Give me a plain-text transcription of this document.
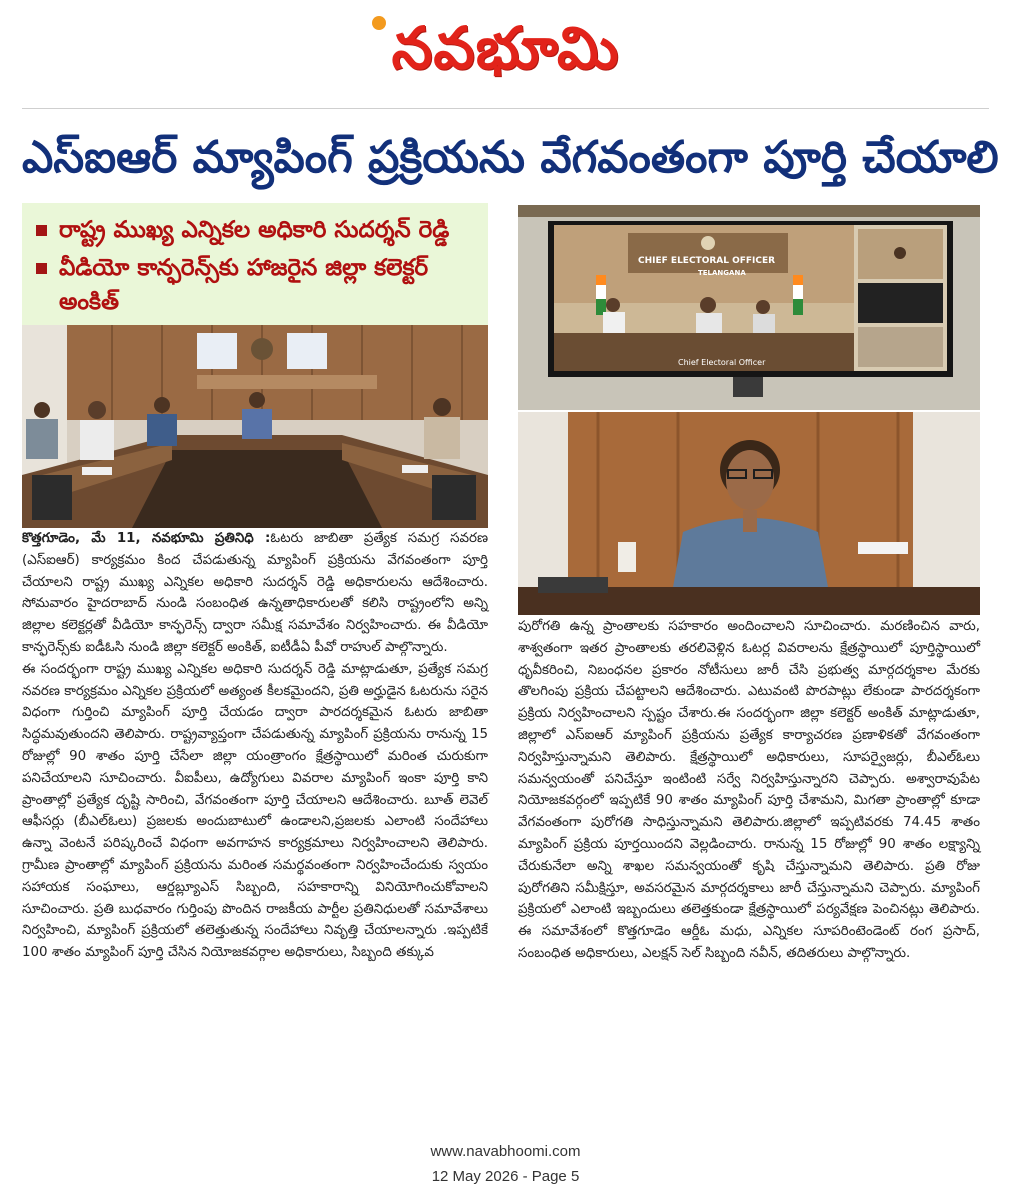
నవభూమి
ఎస్ఐఆర్ మ్యాపింగ్ ప్రక్రియను వేగవంతంగా పూర్తి చేయాలి
రాష్ట్ర ముఖ్య ఎన్నికల అధికారి సుదర్శన్ రెడ్డి
వీడియో కాన్ఫరెన్స్‌కు హాజరైన జిల్లా కలెక్టర్ అంకిత్
CHIEF ELECTORAL OFFICER
TELANGANA
Chief Electoral Officer

కొత్తగూడెం, మే 11, నవభూమి ప్రతినిధి :ఓటరు జాబితా ప్రత్యేక సమగ్ర సవరణ (ఎస్ఐఆర్) కార్యక్రమం కింద చేపడుతున్న మ్యాపింగ్ ప్రక్రియను వేగవంతంగా పూర్తి చేయాలని రాష్ట్ర ముఖ్య ఎన్నికల అధికారి సుదర్శన్ రెడ్డి అధికారులను ఆదేశించారు. సోమవారం హైదరాబాద్ నుండి సంబంధిత ఉన్నతాధికారులతో కలిసి రాష్ట్రంలోని అన్ని జిల్లాల కలెక్టర్లతో వీడియో కాన్ఫరెన్స్ ద్వారా సమీక్ష సమావేశం నిర్వహించారు. ఈ వీడియో కాన్ఫరెన్స్‌కు ఐడీఓసి నుండి జిల్లా కలెక్టర్ అంకిత్, ఐటీడీఏ పీవో రాహుల్ పాల్గొన్నారు.

ఈ సందర్భంగా రాష్ట్ర ముఖ్య ఎన్నికల అధికారి సుదర్శన్ రెడ్డి మాట్లాడుతూ, ప్రత్యేక సమగ్ర నవరణ కార్యక్రమం ఎన్నికల ప్రక్రియలో అత్యంత కీలకమైందని, ప్రతి అర్హుడైన ఓటరును సరైన విధంగా గుర్తించి మ్యాపింగ్ పూర్తి చేయడం ద్వారా పారదర్శకమైన ఓటరు జాబితా సిద్ధమవుతుందని తెలిపారు. రాష్ట్రవ్యాప్తంగా చేపడుతున్న మ్యాపింగ్ ప్రక్రియను రానున్న 15 రోజుల్లో 90 శాతం పూర్తి చేసేలా జిల్లా యంత్రాంగం క్షేత్రస్థాయిలో మరింత చురుకుగా పనిచేయాలని సూచించారు. వీఐపీలు, ఉద్యోగులు వివరాల మ్యాపింగ్ ఇంకా పూర్తి కాని ప్రాంతాల్లో ప్రత్యేక దృష్టి సారించి, వేగవంతంగా పూర్తి చేయాలని ఆదేశించారు. బూత్ లెవెల్ ఆఫీసర్లు (బీఎల్ఓలు) ప్రజలకు అందుబాటులో ఉండాలని,ప్రజలకు ఎలాంటి సందేహాలు ఉన్నా వెంటనే పరిష్కరించే విధంగా అవగాహన కార్యక్రమాలు నిర్వహించాలని తెలిపారు. గ్రామీణ ప్రాంతాల్లో మ్యాపింగ్ ప్రక్రియను మరింత సమర్థవంతంగా నిర్వహించేందుకు స్వయం సహాయక సంఘాలు, ఆర్డబ్ల్యూఎస్ సిబ్బంది, సహకారాన్ని వినియోగించుకోవాలని సూచించారు. ప్రతి బుధవారం గుర్తింపు పొందిన రాజకీయ పార్టీల ప్రతినిధులతో సమావేశాలు నిర్వహించి, మ్యాపింగ్ ప్రక్రియలో తలెత్తుతున్న సందేహాలు నివృత్తి చేయాలన్నారు .ఇప్పటికే 100 శాతం మ్యాపింగ్ పూర్తి చేసిన నియోజకవర్గాల అధికారులు, సిబ్బంది తక్కువ

పురోగతి ఉన్న ప్రాంతాలకు సహకారం అందించాలని సూచించారు. మరణించిన వారు, శాశ్వతంగా ఇతర ప్రాంతాలకు తరలివెళ్లిన ఓటర్ల వివరాలను క్షేత్రస్థాయిలో పూర్తిస్థాయిలో ధృవీకరించి, నిబంధనల ప్రకారం నోటీసులు జారీ చేసి ప్రభుత్వ మార్గదర్శకాల మేరకు తొలగింపు ప్రక్రియ చేపట్టాలని ఆదేశించారు. ఎటువంటి పొరపాట్లు లేకుండా పారదర్శకంగా ప్రక్రియ నిర్వహించాలని స్పష్టం చేశారు.ఈ సందర్భంగా జిల్లా కలెక్టర్ అంకిత్ మాట్లాడుతూ, జిల్లాలో ఎస్ఐఆర్ మ్యాపింగ్ ప్రక్రియను ప్రత్యేక కార్యాచరణ ప్రణాళికతో వేగవంతంగా నిర్వహిస్తున్నామని తెలిపారు. క్షేత్రస్థాయిలో అధికారులు, సూపర్వైజర్లు, బీఎల్ఓలు సమన్వయంతో పనిచేస్తూ ఇంటింటి సర్వే నిర్వహిస్తున్నారని చెప్పారు. అశ్వారావుపేట నియోజకవర్గంలో ఇప్పటికే 90 శాతం మ్యాపింగ్ పూర్తి చేశామని, మిగతా ప్రాంతాల్లో కూడా వేగవంతంగా పురోగతి సాధిస్తున్నామని తెలిపారు.జిల్లాలో ఇప్పటివరకు 74.45 శాతం మ్యాపింగ్ ప్రక్రియ పూర్తయిందని వెల్లడించారు. రానున్న 15 రోజుల్లో 90 శాతం లక్ష్యాన్ని చేరుకునేలా అన్ని శాఖల సమన్వయంతో కృషి చేస్తున్నామని తెలిపారు. ప్రతి రోజు పురోగతిని సమీక్షిస్తూ, అవసరమైన మార్గదర్శకాలు జారీ చేస్తున్నామని చెప్పారు. మ్యాపింగ్ ప్రక్రియలో ఎలాంటి ఇబ్బందులు తలెత్తకుండా క్షేత్రస్థాయిలో పర్యవేక్షణ పెంచినట్లు తెలిపారు. ఈ సమావేశంలో కొత్తగూడెం ఆర్డీఓ మధు, ఎన్నికల సూపరింటెండెంట్ రంగ ప్రసాద్, సంబంధిత అధికారులు, ఎలక్షన్ సెల్ సిబ్బంది నవీన్, తదితరులు పాల్గొన్నారు.

www.navabhoomi.com
12 May 2026 - Page 5
